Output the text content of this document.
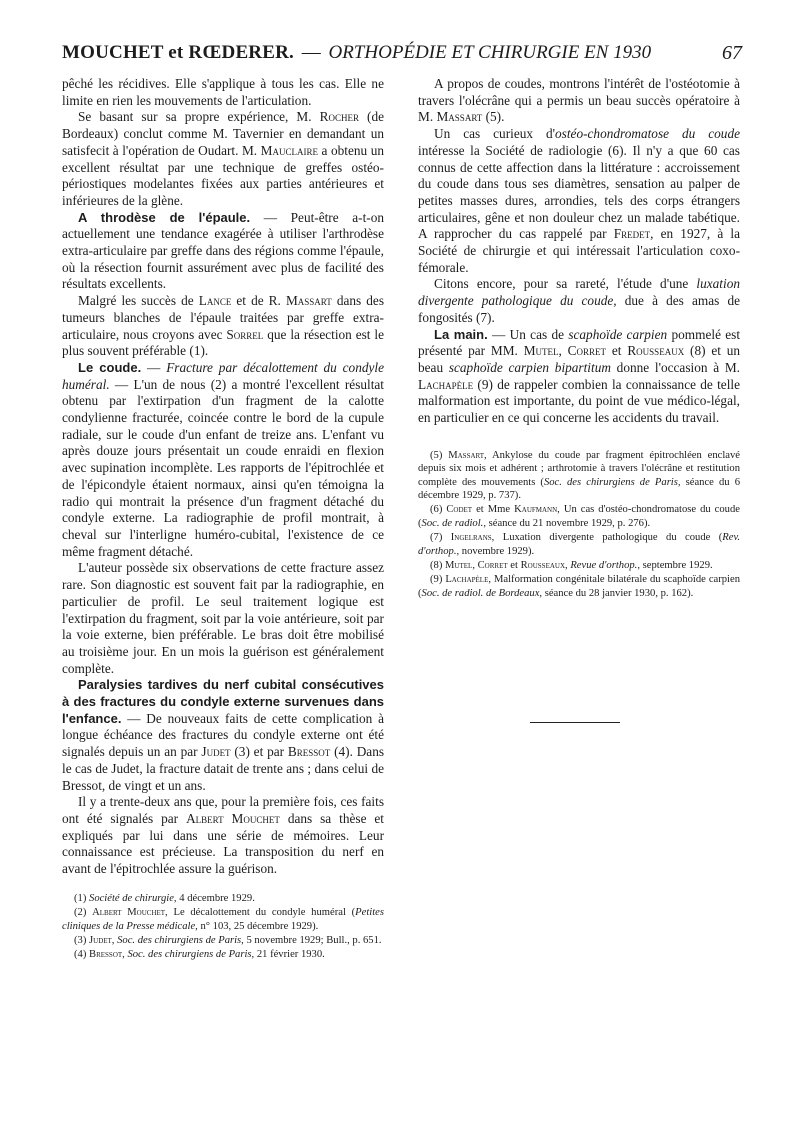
MOUCHET et RŒDERER. — ORTHOPÉDIE ET CHIRURGIE EN 1930	67

pêché les récidives. Elle s'applique à tous les cas. Elle ne limite en rien les mouvements de l'articulation.

Se basant sur sa propre expérience, M. Rocher (de Bordeaux) conclut comme M. Tavernier en demandant un satisfecit à l'opération de Oudart. M. Mauclaire a obtenu un excellent résultat par une technique de greffes ostéo-périostiques modelantes fixées aux parties antérieures et inférieures de la glène.

A throdèse de l'épaule. — Peut-être a-t-on actuellement une tendance exagérée à utiliser l'arthrodèse extra-articulaire par greffe dans des régions comme l'épaule, où la résection fournit assurément avec plus de facilité des résultats excellents.

Malgré les succès de Lance et de R. Massart dans des tumeurs blanches de l'épaule traitées par greffe extra-articulaire, nous croyons avec Sorrel que la résection est le plus souvent préférable (1).

Le coude. — Fracture par décalottement du condyle huméral. — L'un de nous (2) a montré l'excellent résultat obtenu par l'extirpation d'un fragment de la calotte condylienne fracturée, coincée contre le bord de la cupule radiale, sur le coude d'un enfant de treize ans. L'enfant vu après douze jours présentait un coude enraidi en flexion avec supination incomplète. Les rapports de l'épitrochlée et de l'épicondyle étaient normaux, ainsi qu'en témoigna la radio qui montrait la présence d'un fragment détaché du condyle externe. La radiographie de profil montrait, à cheval sur l'interligne huméro-cubital, l'existence de ce même fragment détaché.

L'auteur possède six observations de cette fracture assez rare. Son diagnostic est souvent fait par la radiographie, en particulier de profil. Le seul traitement logique est l'extirpation du fragment, soit par la voie antérieure, soit par la voie externe, bien préférable. Le bras doit être mobilisé au troisième jour. En un mois la guérison est généralement complète.

Paralysies tardives du nerf cubital consécutives à des fractures du condyle externe survenues dans l'enfance. — De nouveaux faits de cette complication à longue échéance des fractures du condyle externe ont été signalés depuis un an par Judet (3) et par Bressot (4). Dans le cas de Judet, la fracture datait de trente ans ; dans celui de Bressot, de vingt et un ans.

Il y a trente-deux ans que, pour la première fois, ces faits ont été signalés par Albert Mouchet dans sa thèse et expliqués par lui dans une série de mémoires. Leur connaissance est précieuse. La transposition du nerf en avant de l'épitrochlée assure la guérison.

(1) Société de chirurgie, 4 décembre 1929.

(2) Albert Mouchet, Le décalottement du condyle huméral (Petites cliniques de la Presse médicale, n° 103, 25 décembre 1929).

(3) Judet, Soc. des chirurgiens de Paris, 5 novembre 1929; Bull., p. 651.

(4) Bressot, Soc. des chirurgiens de Paris, 21 février 1930.

A propos de coudes, montrons l'intérêt de l'ostéotomie à travers l'olécrâne qui a permis un beau succès opératoire à M. Massart (5).

Un cas curieux d'ostéo-chondromatose du coude intéresse la Société de radiologie (6). Il n'y a que 60 cas connus de cette affection dans la littérature : accroissement du coude dans tous ses diamètres, sensation au palper de petites masses dures, arrondies, tels des corps étrangers articulaires, gêne et non douleur chez un malade tabétique. A rapprocher du cas rappelé par Fredet, en 1927, à la Société de chirurgie et qui intéressait l'articulation coxo-fémorale.

Citons encore, pour sa rareté, l'étude d'une luxation divergente pathologique du coude, due à des amas de fongosités (7).

La main. — Un cas de scaphoïde carpien pommelé est présenté par MM. Mutel, Corret et Rousseaux (8) et un beau scaphoïde carpien bipartitum donne l'occasion à M. Lachapèle (9) de rappeler combien la connaissance de telle malformation est importante, du point de vue médico-légal, en particulier en ce qui concerne les accidents du travail.

(5) Massart, Ankylose du coude par fragment épitrochléen enclavé depuis six mois et adhérent ; arthrotomie à travers l'olécrâne et restitution complète des mouvements (Soc. des chirurgiens de Paris, séance du 6 décembre 1929, p. 737).

(6) Codet et Mme Kaufmann, Un cas d'ostéo-chondromatose du coude (Soc. de radiol., séance du 21 novembre 1929, p. 276).

(7) Ingelrans, Luxation divergente pathologique du coude (Rev. d'orthop., novembre 1929).

(8) Mutel, Corret et Rousseaux, Revue d'orthop., septembre 1929.

(9) Lachapèle, Malformation congénitale bilatérale du scaphoïde carpien (Soc. de radiol. de Bordeaux, séance du 28 janvier 1930, p. 162).
